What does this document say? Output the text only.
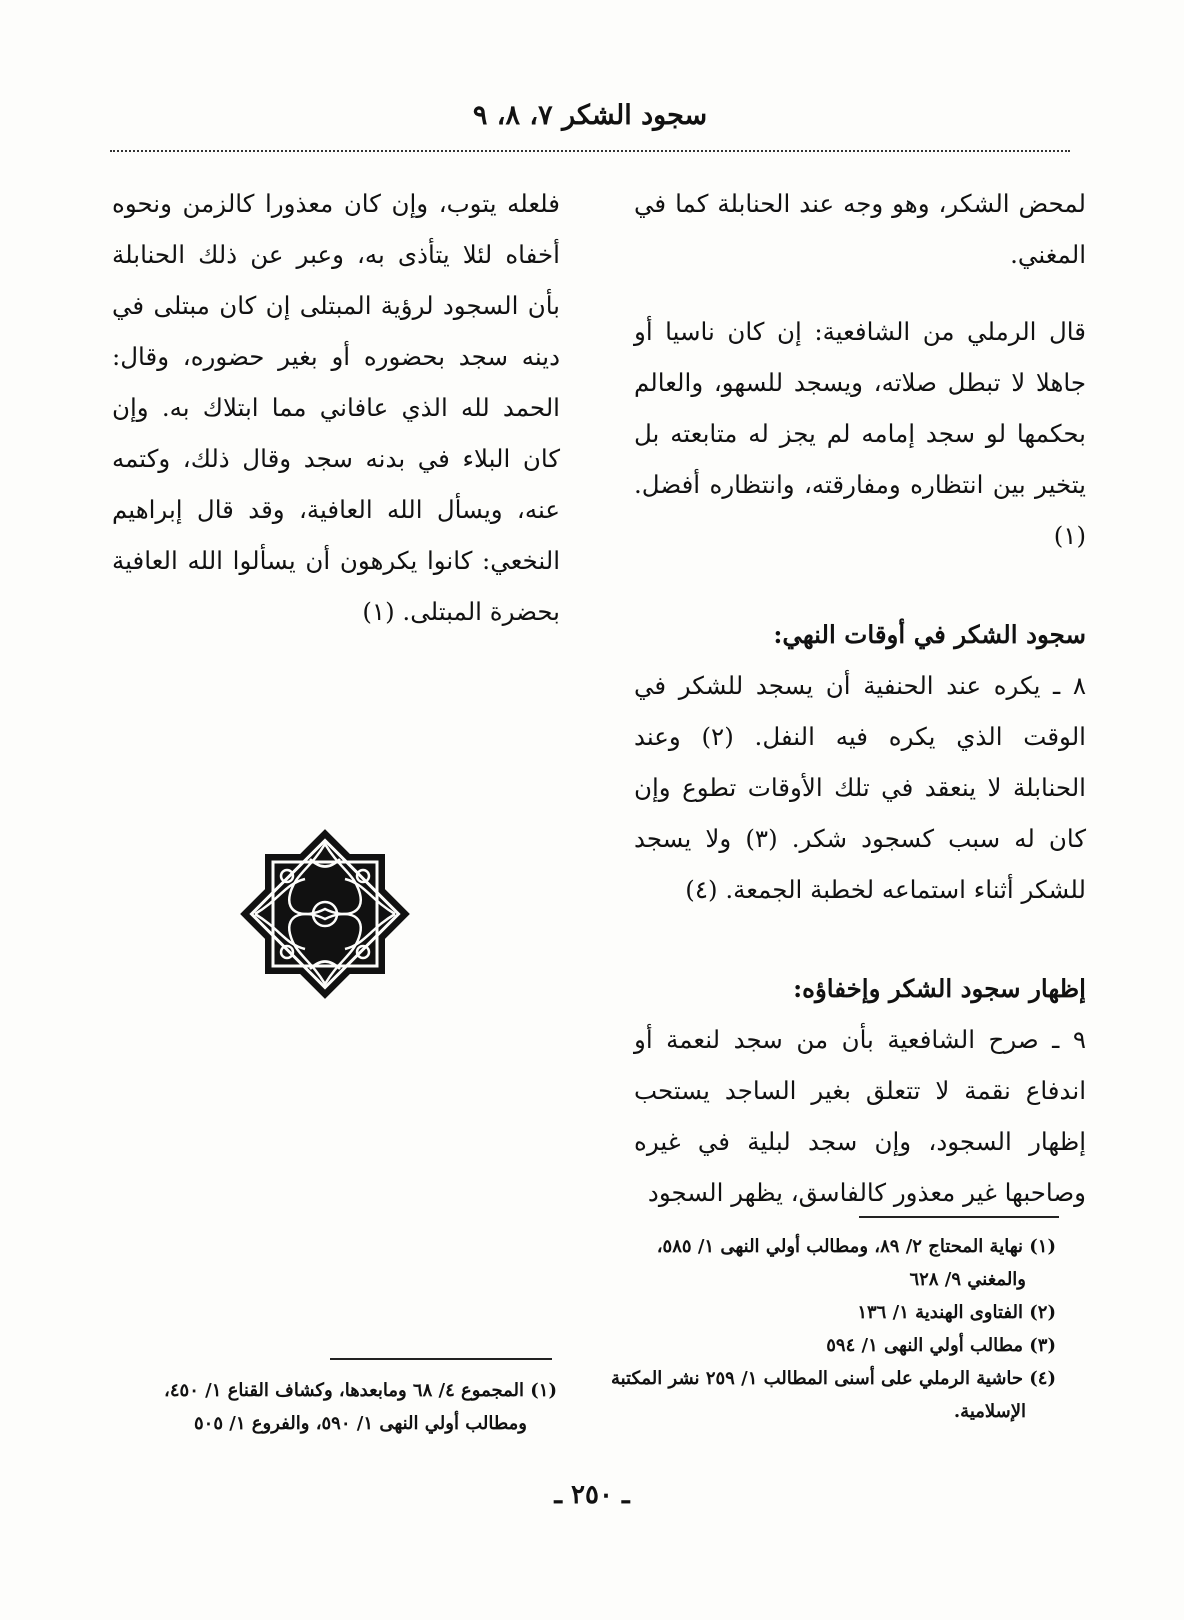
سجود الشكر ٧، ٨، ٩

لمحض الشكر، وهو وجه عند الحنابلة كما في المغني.

قال الرملي من الشافعية: إن كان ناسيا أو جاهلا لا تبطل صلاته، ويسجد للسهو، والعالم بحكمها لو سجد إمامه لم يجز له متابعته بل يتخير بين انتظاره ومفارقته، وانتظاره أفضل. (١)

سجود الشكر في أوقات النهي:

٨ ـ يكره عند الحنفية أن يسجد للشكر في الوقت الذي يكره فيه النفل. (٢) وعند الحنابلة لا ينعقد في تلك الأوقات تطوع وإن كان له سبب كسجود شكر. (٣) ولا يسجد للشكر أثناء استماعه لخطبة الجمعة. (٤)

إظهار سجود الشكر وإخفاؤه:

٩ ـ صرح الشافعية بأن من سجد لنعمة أو اندفاع نقمة لا تتعلق بغير الساجد يستحب إظهار السجود، وإن سجد لبلية في غيره وصاحبها غير معذور كالفاسق، يظهر السجود

فلعله يتوب، وإن كان معذورا كالزمن ونحوه أخفاه لئلا يتأذى به، وعبر عن ذلك الحنابلة بأن السجود لرؤية المبتلى إن كان مبتلى في دينه سجد بحضوره أو بغير حضوره، وقال: الحمد لله الذي عافاني مما ابتلاك به. وإن كان البلاء في بدنه سجد وقال ذلك، وكتمه عنه، ويسأل الله العافية، وقد قال إبراهيم النخعي: كانوا يكرهون أن يسألوا الله العافية بحضرة المبتلى. (١)

(١) نهاية المحتاج ٢/ ٨٩، ومطالب أولي النهى ١/ ٥٨٥،

والمغني ٩/ ٦٢٨

(٢) الفتاوى الهندية ١/ ١٣٦

(٣) مطالب أولي النهى ١/ ٥٩٤

(٤) حاشية الرملي على أسنى المطالب ١/ ٢٥٩ نشر المكتبة

الإسلامية.

(١) المجموع ٤/ ٦٨ ومابعدها، وكشاف القناع ١/ ٤٥٠،

ومطالب أولي النهى ١/ ٥٩٠، والفروع ١/ ٥٠٥

ـ ٢٥٠ ـ
